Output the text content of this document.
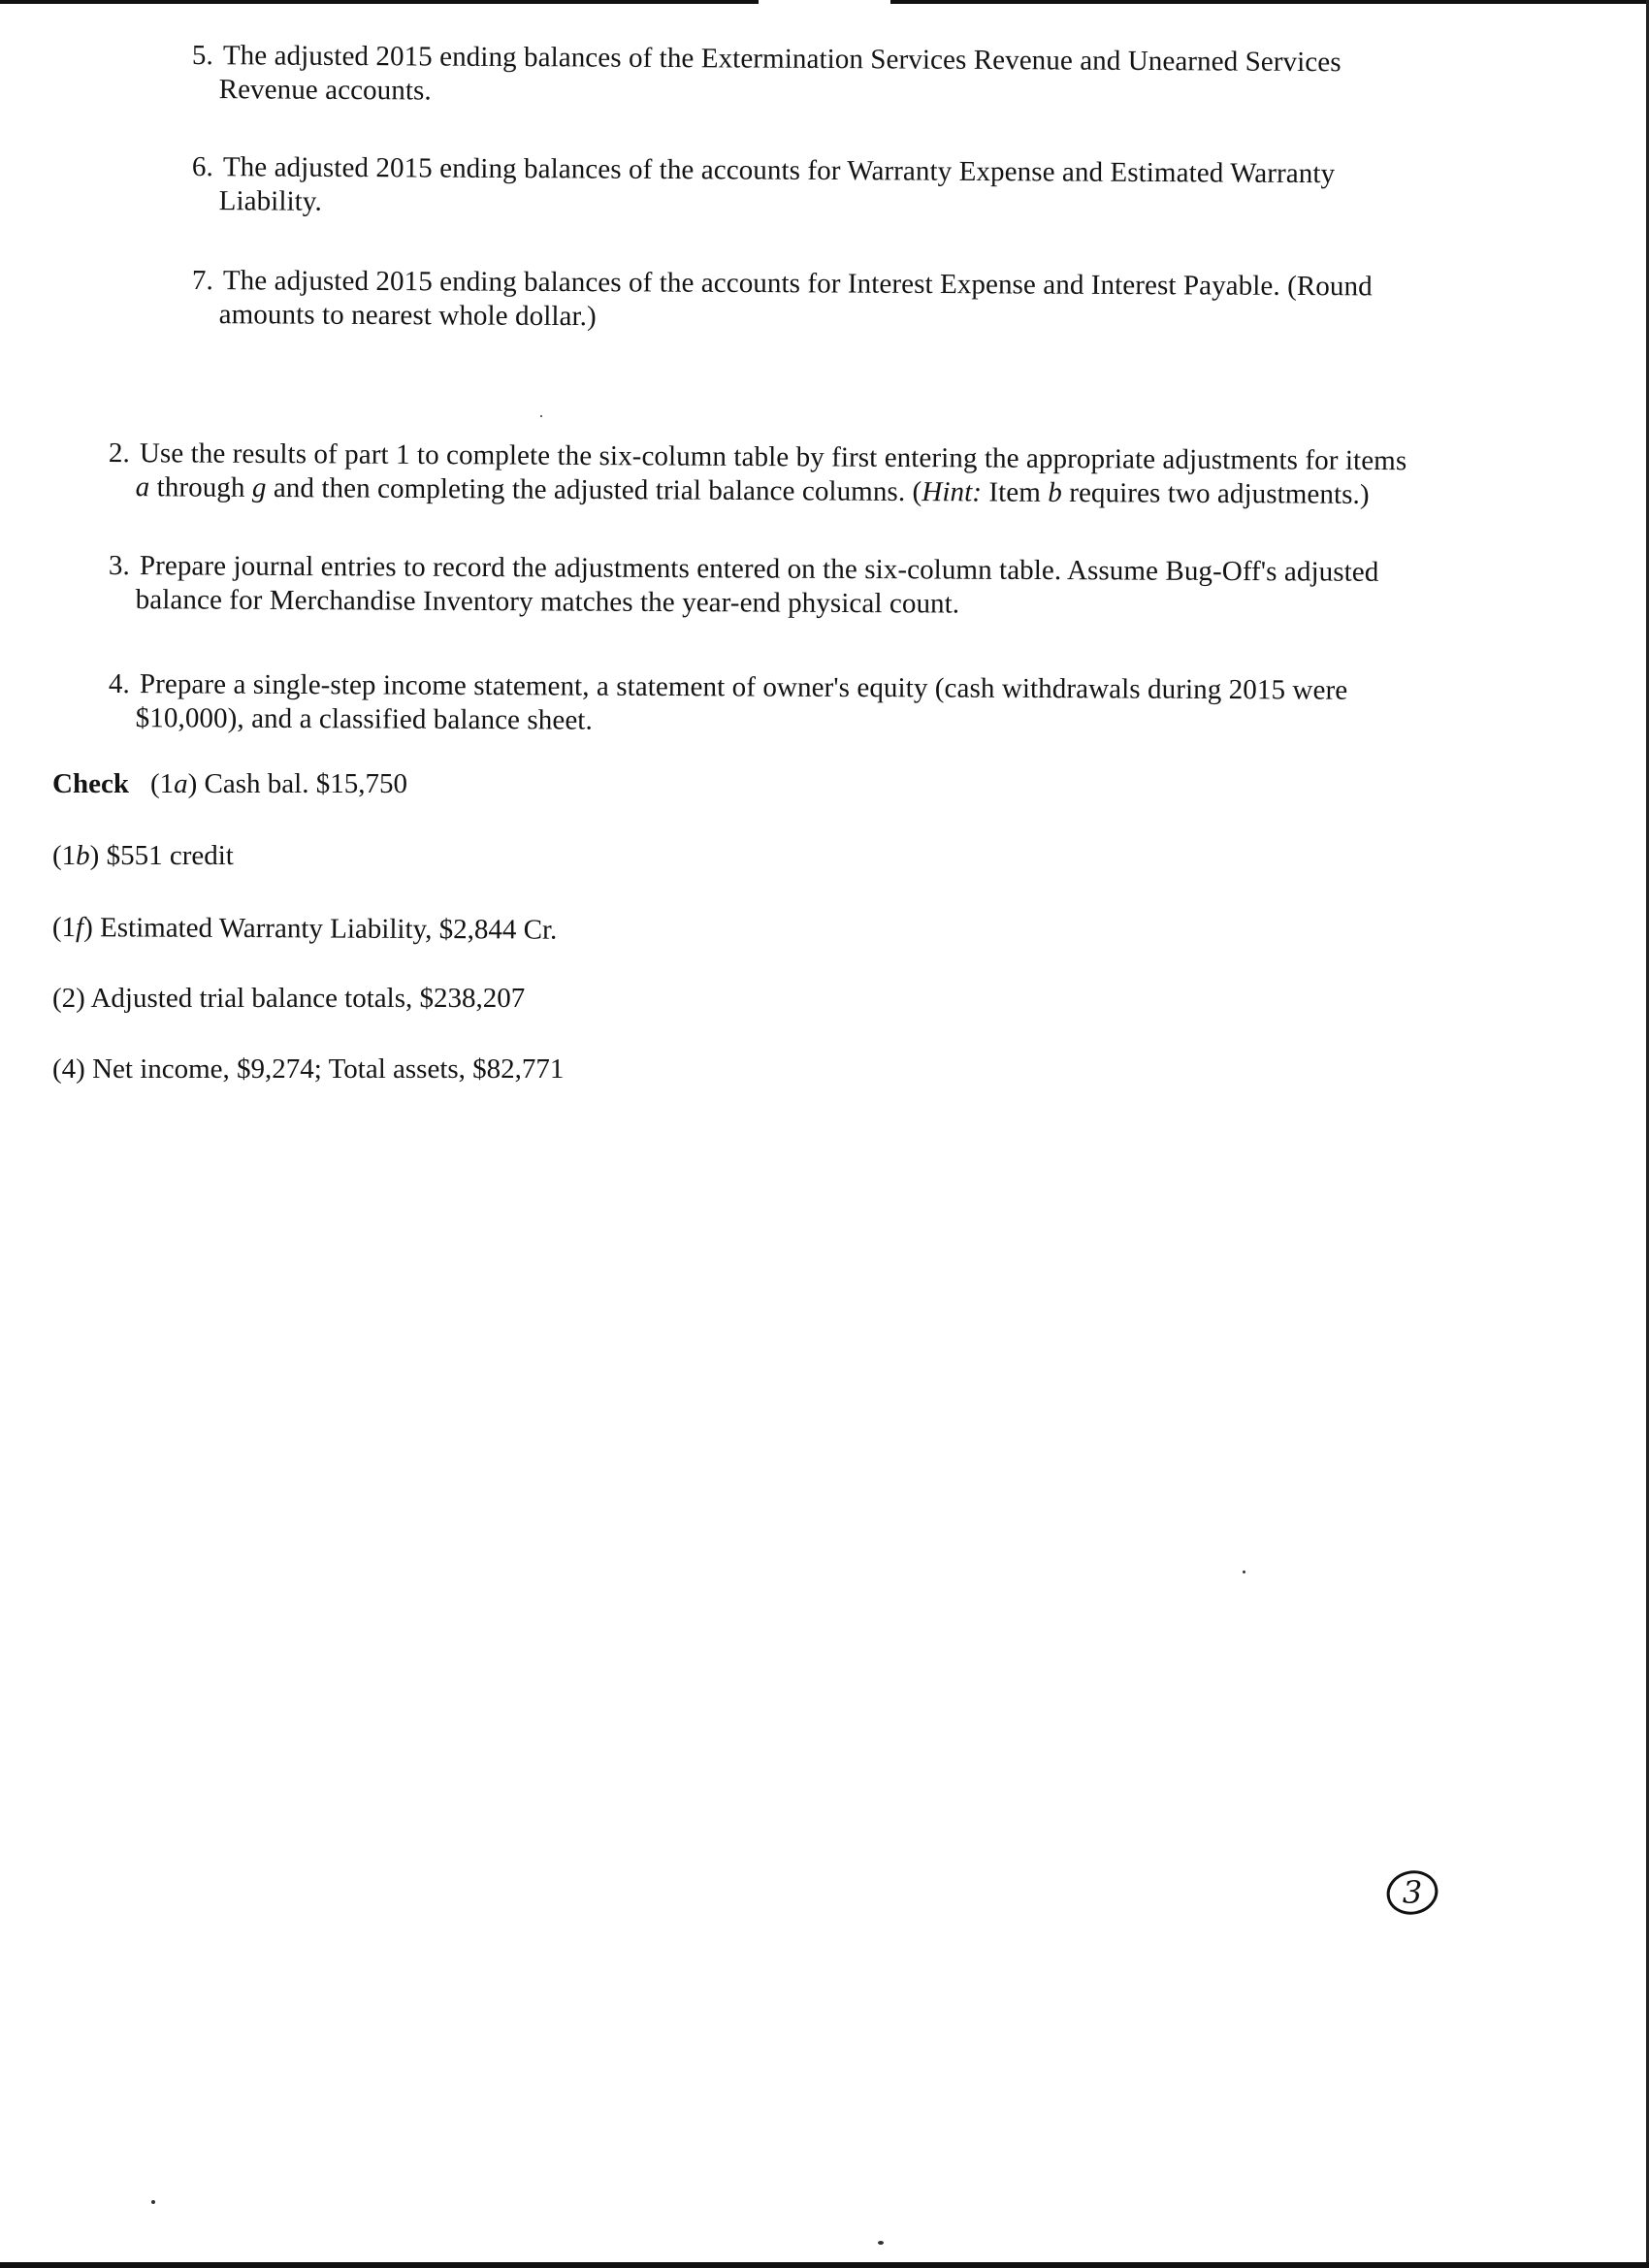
5. The adjusted 2015 ending balances of the Extermination Services Revenue and Unearned Services
Revenue accounts.
6. The adjusted 2015 ending balances of the accounts for Warranty Expense and Estimated Warranty
Liability.
7. The adjusted 2015 ending balances of the accounts for Interest Expense and Interest Payable. (Round
amounts to nearest whole dollar.)
2. Use the results of part 1 to complete the six-column table by first entering the appropriate adjustments for items
a through g and then completing the adjusted trial balance columns. (Hint: Item b requires two adjustments.)
3. Prepare journal entries to record the adjustments entered on the six-column table. Assume Bug-Off's adjusted
balance for Merchandise Inventory matches the year-end physical count.
4. Prepare a single-step income statement, a statement of owner's equity (cash withdrawals during 2015 were
$10,000), and a classified balance sheet.
Check (1a) Cash bal. $15,750
(1b) $551 credit
(1f) Estimated Warranty Liability, $2,844 Cr.
(2) Adjusted trial balance totals, $238,207
(4) Net income, $9,274; Total assets, $82,771
3
